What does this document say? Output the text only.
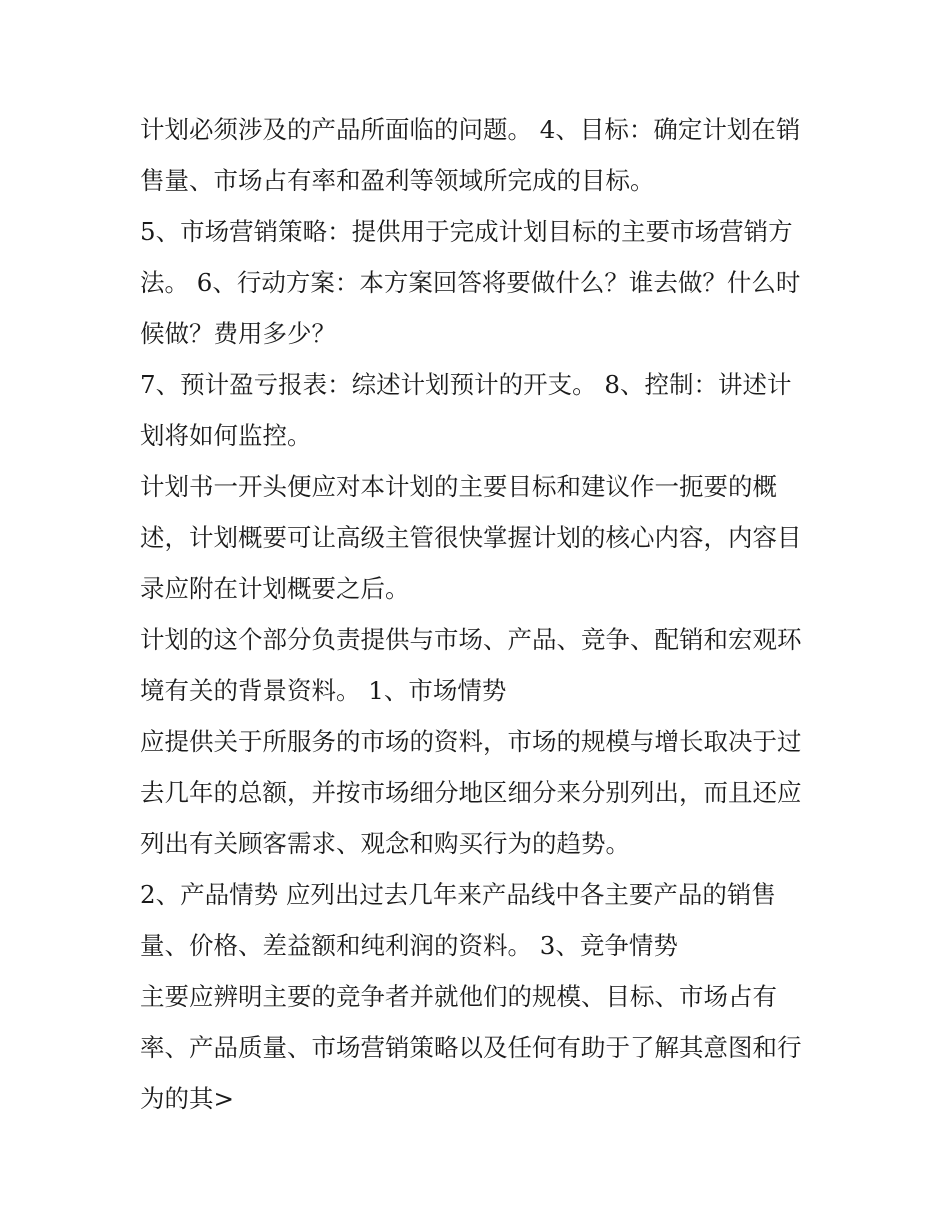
计划必须涉及的产品所面临的问题。 4、目标：确定计划在销
售量、市场占有率和盈利等领域所完成的目标。
5、市场营销策略：提供用于完成计划目标的主要市场营销方
法。 6、行动方案：本方案回答将要做什么？谁去做？什么时
候做？费用多少？
7、预计盈亏报表：综述计划预计的开支。 8、控制：讲述计
划将如何监控。
计划书一开头便应对本计划的主要目标和建议作一扼要的概
述，计划概要可让高级主管很快掌握计划的核心内容，内容目
录应附在计划概要之后。
计划的这个部分负责提供与市场、产品、竞争、配销和宏观环
境有关的背景资料。 1、市场情势
应提供关于所服务的市场的资料，市场的规模与增长取决于过
去几年的总额，并按市场细分地区细分来分别列出，而且还应
列出有关顾客需求、观念和购买行为的趋势。
2、产品情势 应列出过去几年来产品线中各主要产品的销售
量、价格、差益额和纯利润的资料。 3、竞争情势
主要应辨明主要的竞争者并就他们的规模、目标、市场占有
率、产品质量、市场营销策略以及任何有助于了解其意图和行
为的其>
